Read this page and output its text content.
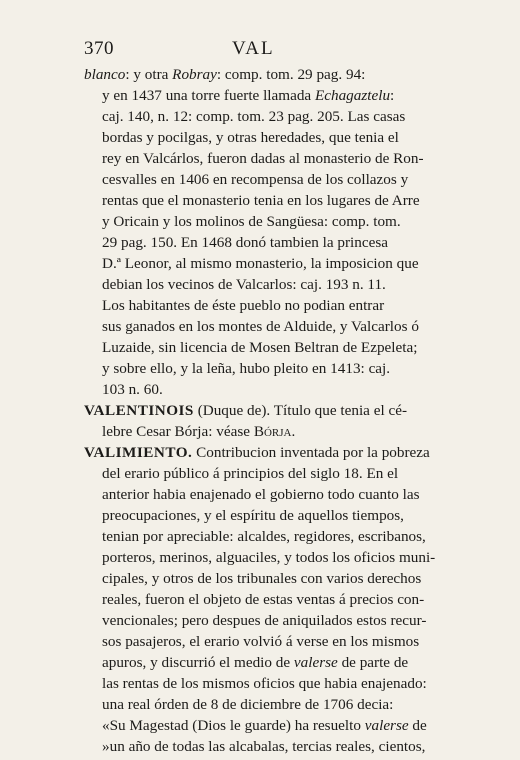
370	VAL
blanco: y otra Robray: comp. tom. 29 pag. 94:
y en 1437 una torre fuerte llamada Echagaztelu:
caj. 140, n. 12: comp. tom. 23 pag. 205. Las casas
bordas y pocilgas, y otras heredades, que tenia el
rey en Valcárlos, fueron dadas al monasterio de Ron-
cesvalles en 1406 en recompensa de los collazos y
rentas que el monasterio tenia en los lugares de Arre
y Oricain y los molinos de Sangüesa: comp. tom.
29 pag. 150. En 1468 donó tambien la princesa
D.ª Leonor, al mismo monasterio, la imposicion que
debian los vecinos de Valcarlos: caj. 193 n. 11.
Los habitantes de éste pueblo no podian entrar
sus ganados en los montes de Alduide, y Valcarlos ó
Luzaide, sin licencia de Mosen Beltran de Ezpeleta;
y sobre ello, y la leña, hubo pleito en 1413: caj.
103 n. 60.
VALENTINOIS (Duque de). Título que tenia el cé-
lebre Cesar Bórja: véase Bórja.
VALIMIENTO. Contribucion inventada por la pobreza
del erario público á principios del siglo 18. En el
anterior habia enajenado el gobierno todo cuanto las
preocupaciones, y el espíritu de aquellos tiempos,
tenian por apreciable: alcaldes, regidores, escribanos,
porteros, merinos, alguaciles, y todos los oficios muni-
cipales, y otros de los tribunales con varios derechos
reales, fueron el objeto de estas ventas á precios con-
vencionales; pero despues de aniquilados estos recur-
sos pasajeros, el erario volvió á verse en los mismos
apuros, y discurrió el medio de valerse de parte de
las rentas de los mismos oficios que habia enajenado:
una real órden de 8 de diciembre de 1706 decia:
«Su Magestad (Dios le guarde) ha resuelto valerse de
»un año de todas las alcabalas, tercias reales, cientos,
